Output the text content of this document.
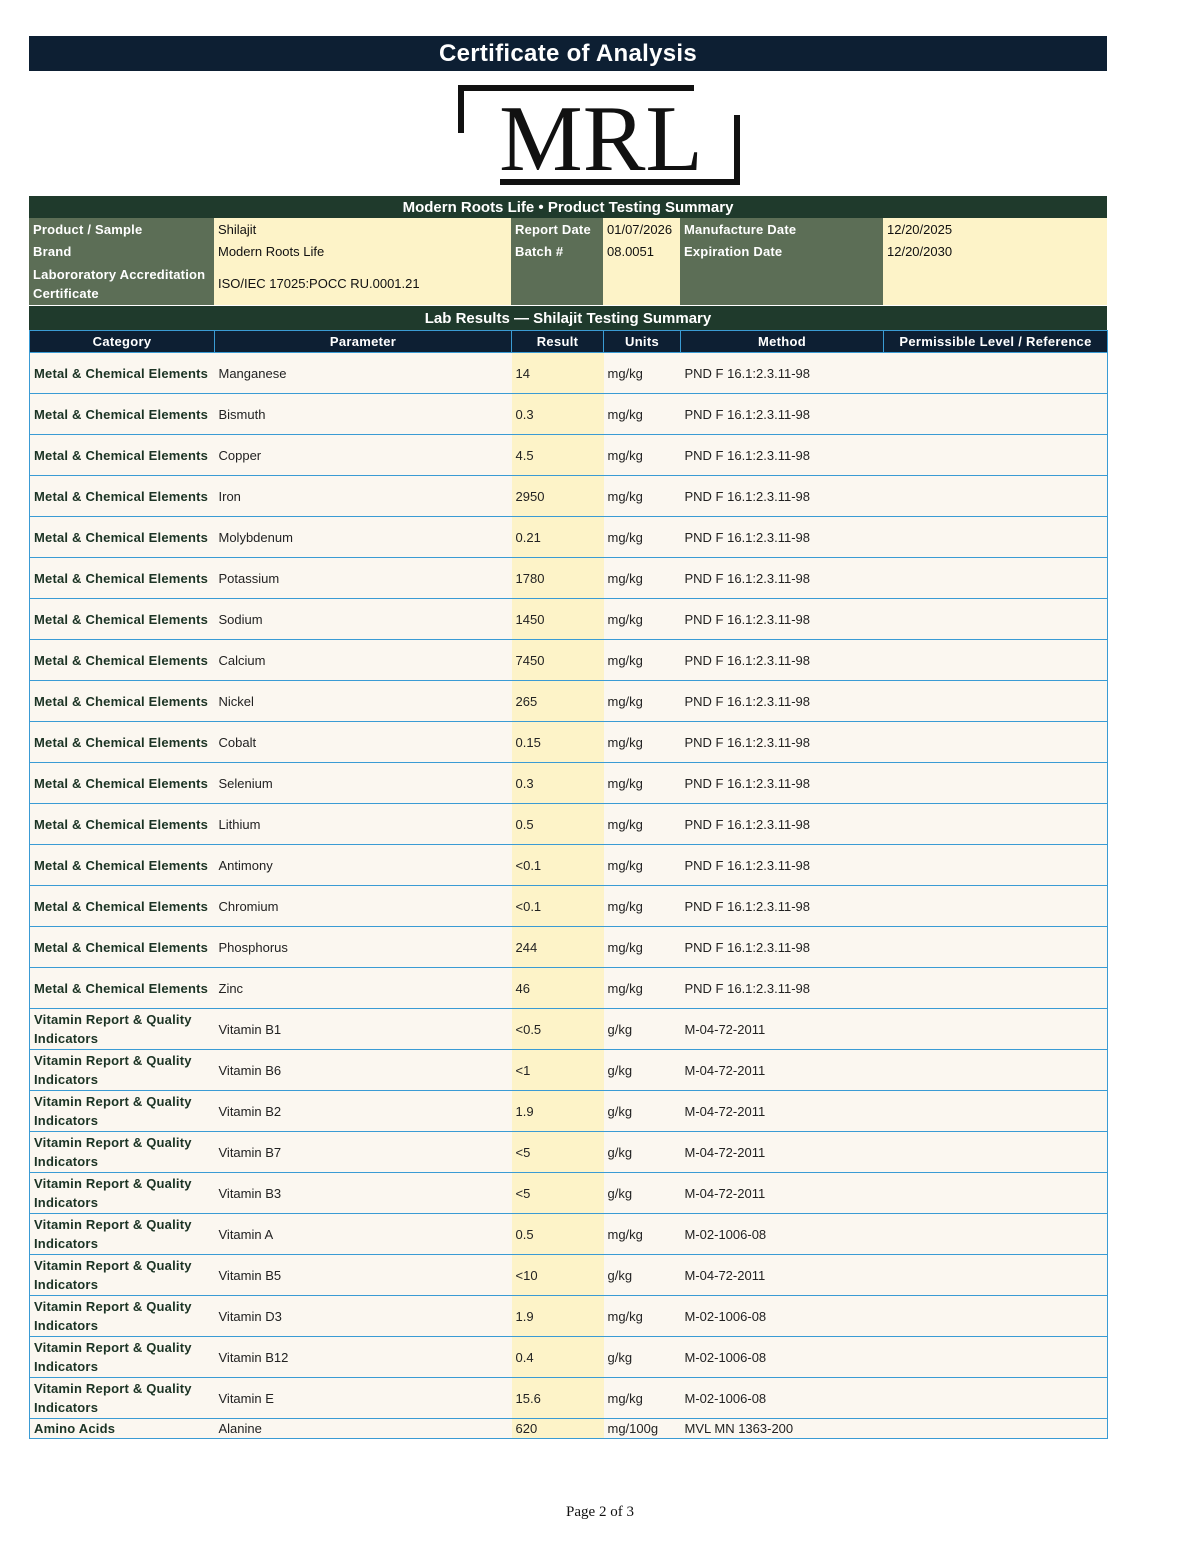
Certificate of Analysis
MRL
Modern Roots Life • Product Testing Summary
Product / Sample	Shilajit	Report Date	01/07/2026 Manufacture Date	12/20/2025
Brand	Modern Roots Life	Batch #	08.0051	Expiration Date	12/20/2030
Labororatory Accreditation Certificate
ISO/IEC 17025:POCC RU.0001.21
Lab Results — Shilajit Testing Summary
Category	Parameter	Result	Units	Method	Permissible Level / Reference
Metal & Chemical Elements	Manganese	14	mg/kg	PND F 16.1:2.3.11-98	
Metal & Chemical Elements	Bismuth	0.3	mg/kg	PND F 16.1:2.3.11-98	
Metal & Chemical Elements	Copper	4.5	mg/kg	PND F 16.1:2.3.11-98	
Metal & Chemical Elements	Iron	2950	mg/kg	PND F 16.1:2.3.11-98	
Metal & Chemical Elements	Molybdenum	0.21	mg/kg	PND F 16.1:2.3.11-98	
Metal & Chemical Elements	Potassium	1780	mg/kg	PND F 16.1:2.3.11-98	
Metal & Chemical Elements	Sodium	1450	mg/kg	PND F 16.1:2.3.11-98	
Metal & Chemical Elements	Calcium	7450	mg/kg	PND F 16.1:2.3.11-98	
Metal & Chemical Elements	Nickel	265	mg/kg	PND F 16.1:2.3.11-98	
Metal & Chemical Elements	Cobalt	0.15	mg/kg	PND F 16.1:2.3.11-98	
Metal & Chemical Elements	Selenium	0.3	mg/kg	PND F 16.1:2.3.11-98	
Metal & Chemical Elements	Lithium	0.5	mg/kg	PND F 16.1:2.3.11-98	
Metal & Chemical Elements	Antimony	<0.1	mg/kg	PND F 16.1:2.3.11-98	
Metal & Chemical Elements	Chromium	<0.1	mg/kg	PND F 16.1:2.3.11-98	
Metal & Chemical Elements	Phosphorus	244	mg/kg	PND F 16.1:2.3.11-98	
Metal & Chemical Elements	Zinc	46	mg/kg	PND F 16.1:2.3.11-98	
Vitamin Report & Quality Indicators	Vitamin B1	<0.5	g/kg	M-04-72-2011	
Vitamin Report & Quality Indicators	Vitamin B6	<1	g/kg	M-04-72-2011	
Vitamin Report & Quality Indicators	Vitamin B2	1.9	g/kg	M-04-72-2011	
Vitamin Report & Quality Indicators	Vitamin B7	<5	g/kg	M-04-72-2011	
Vitamin Report & Quality Indicators	Vitamin B3	<5	g/kg	M-04-72-2011	
Vitamin Report & Quality Indicators	Vitamin A	0.5	mg/kg	M-02-1006-08	
Vitamin Report & Quality Indicators	Vitamin B5	<10	g/kg	M-04-72-2011	
Vitamin Report & Quality Indicators	Vitamin D3	1.9	mg/kg	M-02-1006-08	
Vitamin Report & Quality Indicators	Vitamin B12	0.4	g/kg	M-02-1006-08	
Vitamin Report & Quality Indicators	Vitamin E	15.6	mg/kg	M-02-1006-08	
Amino Acids	Alanine	620	mg/100g	MVL MN 1363-200	
Page 2 of 3
